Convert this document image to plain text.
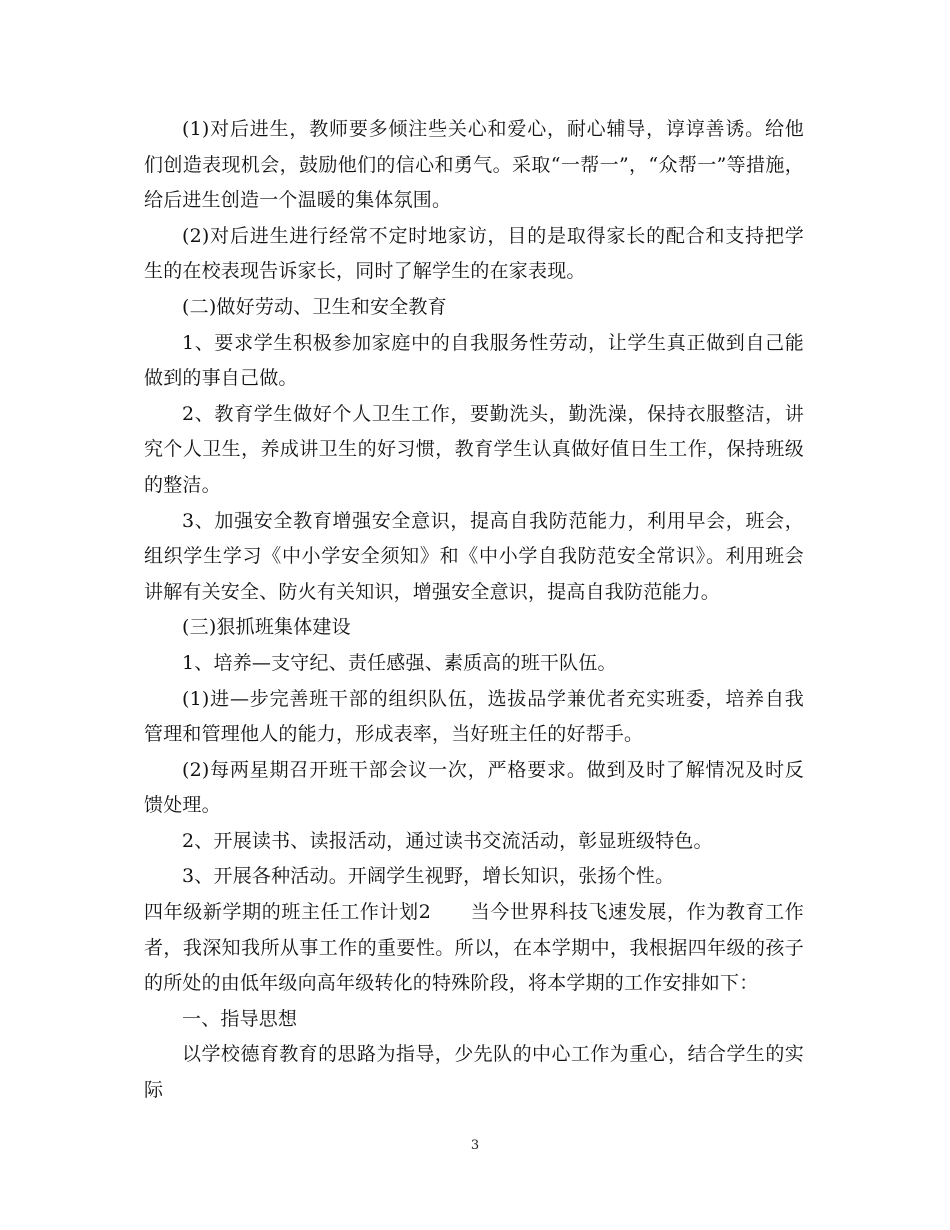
(1)对后进生，教师要多倾注些关心和爱心，耐心辅导，谆谆善诱。给他们创造表现机会，鼓励他们的信心和勇气。采取“一帮一”，“众帮一”等措施，给后进生创造一个温暖的集体氛围。

(2)对后进生进行经常不定时地家访，目的是取得家长的配合和支持把学生的在校表现告诉家长，同时了解学生的在家表现。

(二)做好劳动、卫生和安全教育

1、要求学生积极参加家庭中的自我服务性劳动，让学生真正做到自己能做到的事自己做。

2、教育学生做好个人卫生工作，要勤洗头，勤洗澡，保持衣服整洁，讲究个人卫生，养成讲卫生的好习惯，教育学生认真做好值日生工作，保持班级的整洁。

3、加强安全教育增强安全意识，提高自我防范能力，利用早会，班会，组织学生学习《中小学安全须知》和《中小学自我防范安全常识》。利用班会讲解有关安全、防火有关知识，增强安全意识，提高自我防范能力。

(三)狠抓班集体建设

1、培养—支守纪、责任感强、素质高的班干队伍。

(1)进—步完善班干部的组织队伍，选拔品学兼优者充实班委，培养自我管理和管理他人的能力，形成表率，当好班主任的好帮手。

(2)每两星期召开班干部会议一次，严格要求。做到及时了解情况及时反馈处理。

2、开展读书、读报活动，通过读书交流活动，彰显班级特色。

3、开展各种活动。开阔学生视野，增长知识，张扬个性。

四年级新学期的班主任工作计划2　　当今世界科技飞速发展，作为教育工作者，我深知我所从事工作的重要性。所以，在本学期中，我根据四年级的孩子的所处的由低年级向高年级转化的特殊阶段，将本学期的工作安排如下：

一、指导思想

以学校德育教育的思路为指导，少先队的中心工作为重心，结合学生的实际

3
